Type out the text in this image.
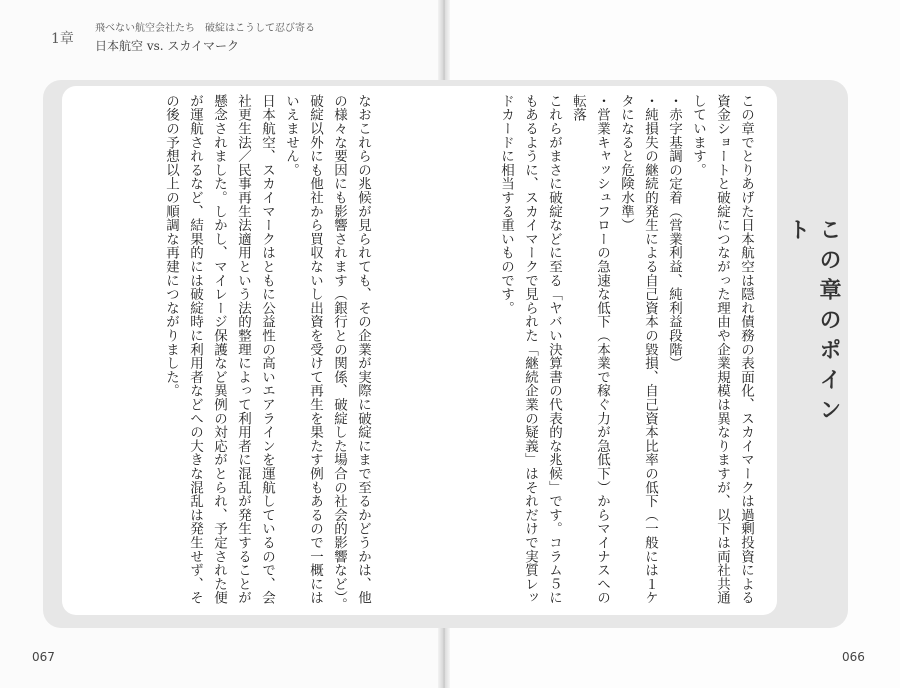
1章
飛べない航空会社たち　破綻はこうして忍び寄る
日本航空 vs. スカイマーク
この章のポイント

この章でとりあげた日本航空は隠れ債務の表面化、スカイマークは過剰投資による資金ショートと破綻につながった理由や企業規模は異なりますが、以下は両社共通しています。

・赤字基調の定着（営業利益、純利益段階）

・純損失の継続的発生による自己資本の毀損、自己資本比率の低下（一般には１ケタになると危険水準）

・営業キャッシュフローの急速な低下（本業で稼ぐ力が急低下）からマイナスへの転落

これらがまさに破綻などに至る「ヤバい決算書の代表的な兆候」です。コラム５にもあるように、スカイマークで見られた「継続企業の疑義」はそれだけで実質レッドカードに相当する重いものです。

なおこれらの兆候が見られても、その企業が実際に破綻にまで至るかどうかは、他の様々な要因にも影響されます（銀行との関係、破綻した場合の社会的影響など）。破綻以外にも他社から買収ないし出資を受けて再生を果たす例もあるので一概にはいえません。

日本航空、スカイマークはともに公益性の高いエアラインを運航しているので、会社更生法／民事再生法適用という法的整理によって利用者に混乱が発生することが懸念されました。しかし、マイレージ保護など異例の対応がとられ、予定された便が運航されるなど、結果的には破綻時に利用者などへの大きな混乱は発生せず、その後の予想以上の順調な再建につながりました。

067	066
